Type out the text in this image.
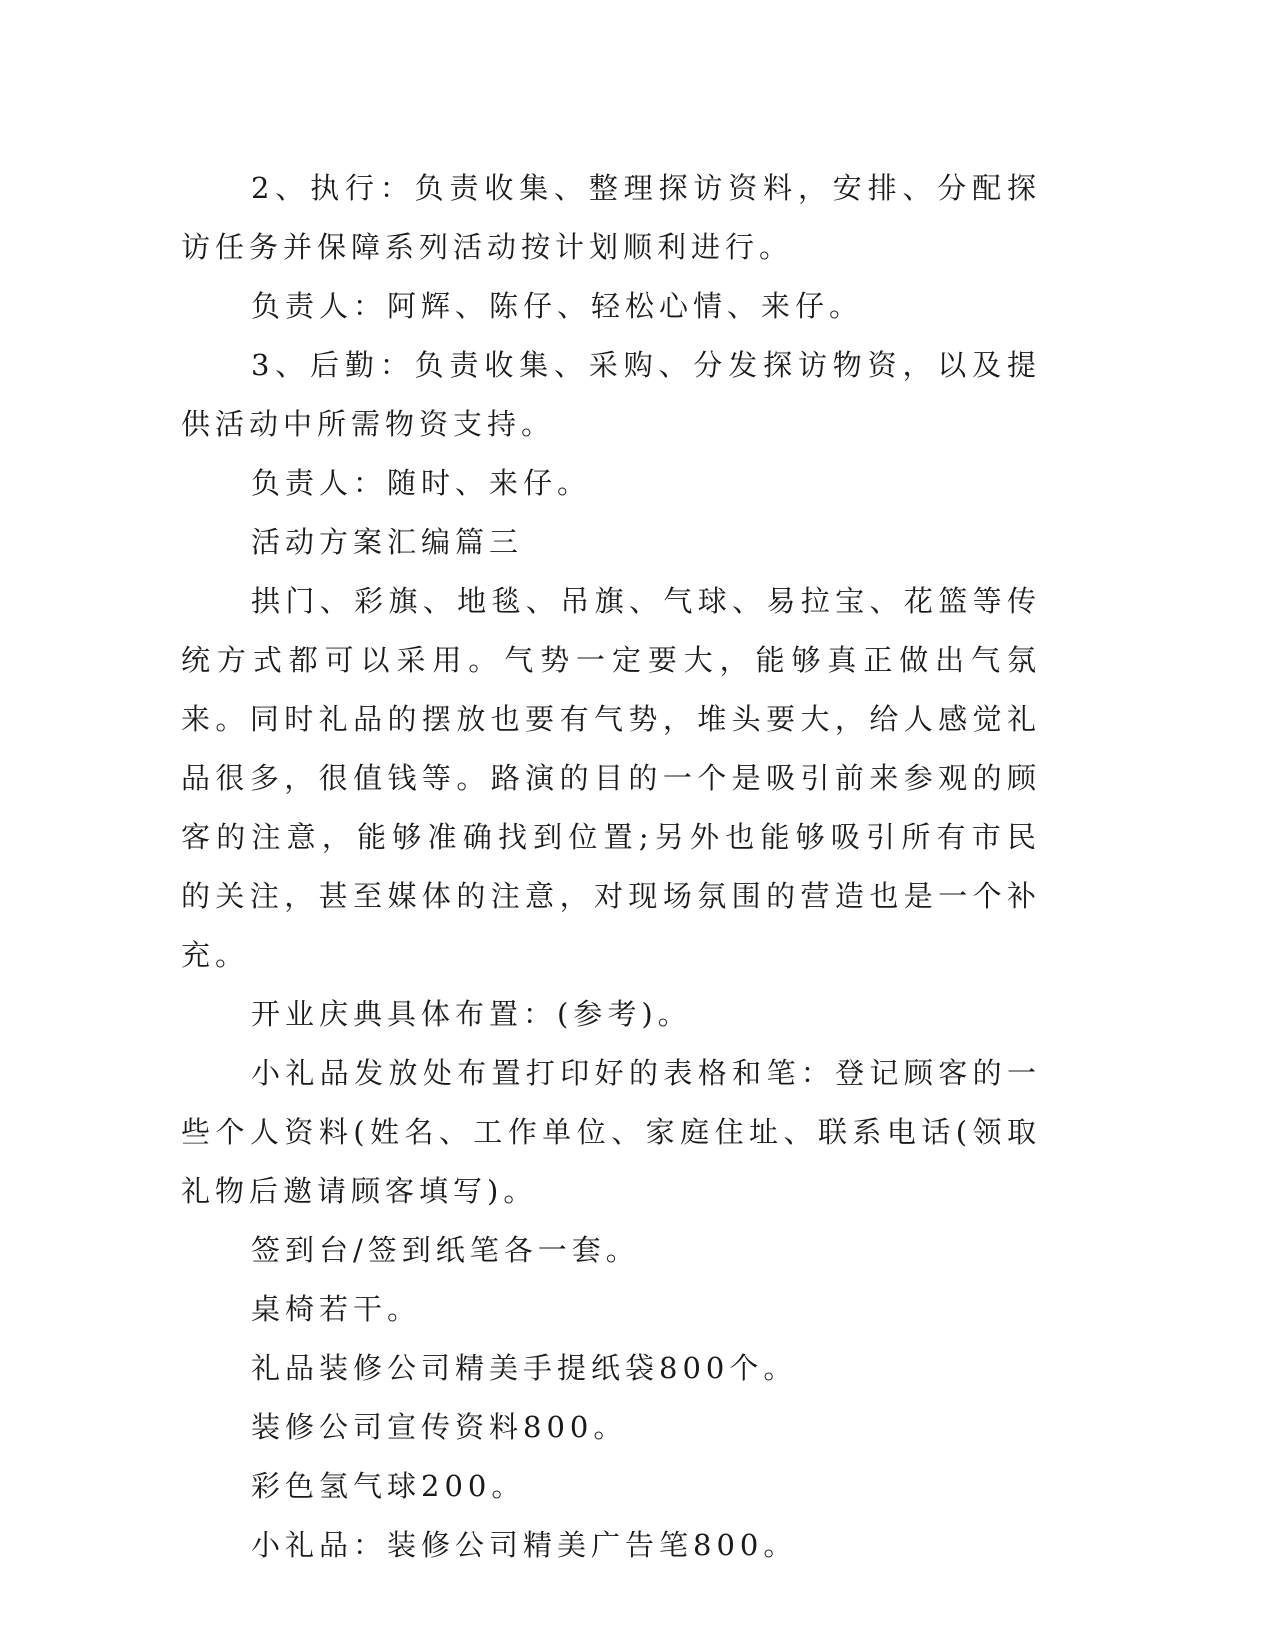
2、执行：负责收集、整理探访资料，安排、分配探访任务并保障系列活动按计划顺利进行。

负责人：阿辉、陈仔、轻松心情、来仔。

3、后勤：负责收集、采购、分发探访物资，以及提供活动中所需物资支持。

负责人：随时、来仔。

活动方案汇编篇三

拱门、彩旗、地毯、吊旗、气球、易拉宝、花篮等传统方式都可以采用。气势一定要大，能够真正做出气氛来。同时礼品的摆放也要有气势，堆头要大，给人感觉礼品很多，很值钱等。路演的目的一个是吸引前来参观的顾客的注意，能够准确找到位置;另外也能够吸引所有市民的关注，甚至媒体的注意，对现场氛围的营造也是一个补充。

开业庆典具体布置：(参考)。

小礼品发放处布置打印好的表格和笔：登记顾客的一些个人资料(姓名、工作单位、家庭住址、联系电话(领取礼物后邀请顾客填写)。

签到台/签到纸笔各一套。

桌椅若干。

礼品装修公司精美手提纸袋800个。

装修公司宣传资料800。

彩色氢气球200。

小礼品：装修公司精美广告笔800。
